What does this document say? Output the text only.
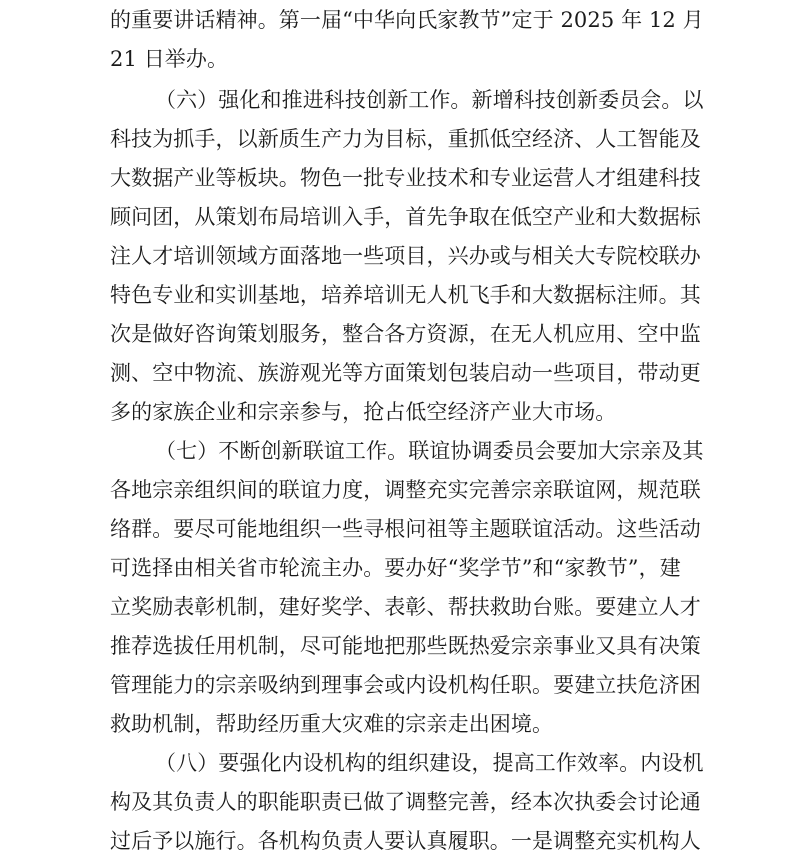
的重要讲话精神。第一届“中华向氏家教节”定于 2025 年 12 月
21 日举办。
（六）强化和推进科技创新工作。新增科技创新委员会。以
科技为抓手，以新质生产力为目标，重抓低空经济、人工智能及
大数据产业等板块。物色一批专业技术和专业运营人才组建科技
顾问团，从策划布局培训入手，首先争取在低空产业和大数据标
注人才培训领域方面落地一些项目，兴办或与相关大专院校联办
特色专业和实训基地，培养培训无人机飞手和大数据标注师。其
次是做好咨询策划服务，整合各方资源，在无人机应用、空中监
测、空中物流、族游观光等方面策划包装启动一些项目，带动更
多的家族企业和宗亲参与，抢占低空经济产业大市场。
（七）不断创新联谊工作。联谊协调委员会要加大宗亲及其
各地宗亲组织间的联谊力度，调整充实完善宗亲联谊网，规范联
络群。要尽可能地组织一些寻根问祖等主题联谊活动。这些活动
可选择由相关省市轮流主办。要办好“奖学节”和“家教节”，建
立奖励表彰机制，建好奖学、表彰、帮扶救助台账。要建立人才
推荐选拔任用机制，尽可能地把那些既热爱宗亲事业又具有决策
管理能力的宗亲吸纳到理事会或内设机构任职。要建立扶危济困
救助机制，帮助经历重大灾难的宗亲走出困境。
（八）要强化内设机构的组织建设，提高工作效率。内设机
构及其负责人的职能职责已做了调整完善，经本次执委会讨论通
过后予以施行。各机构负责人要认真履职。一是调整充实机构人
